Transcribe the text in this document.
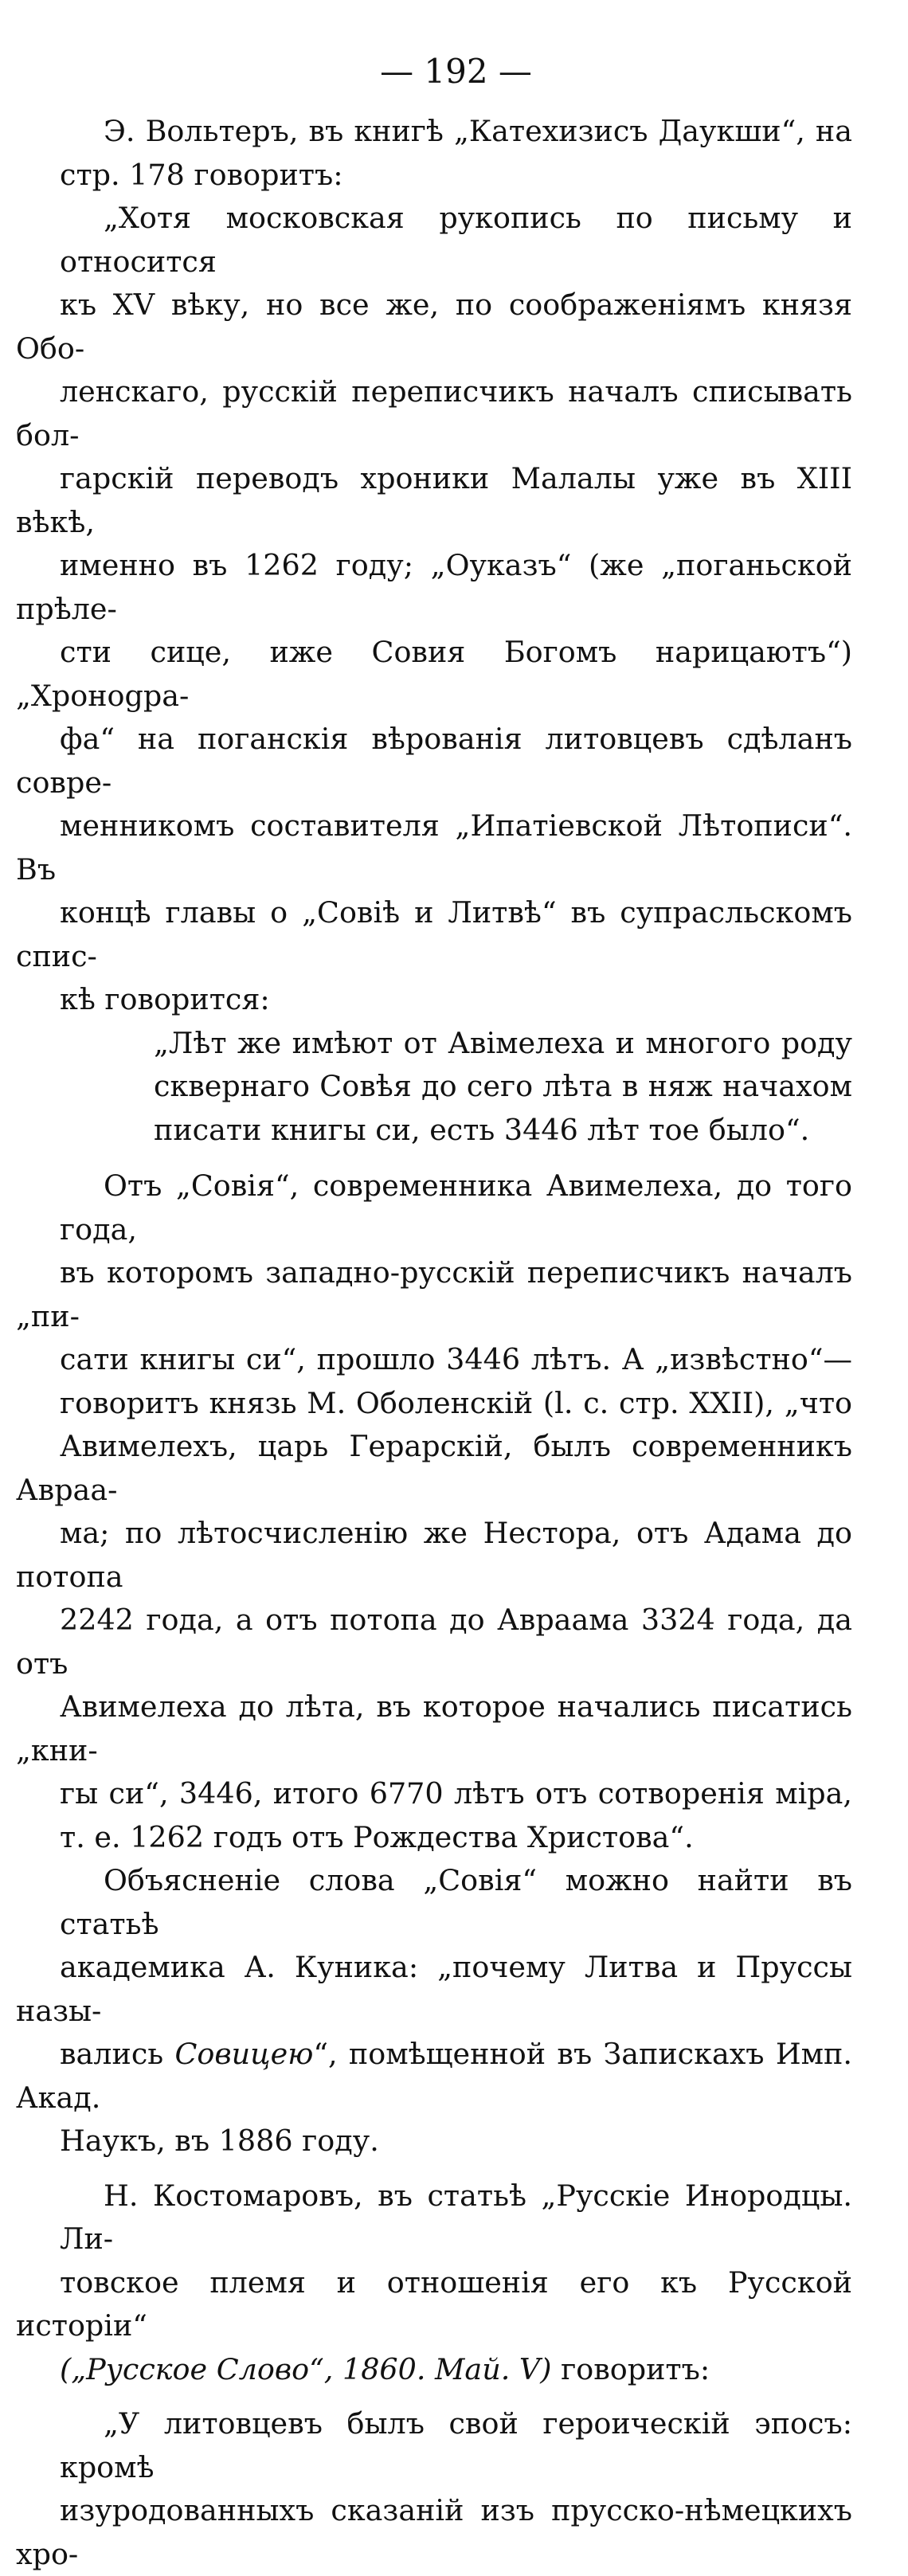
— 192 —

Э. Вольтеръ, въ книгѣ „Катехизисъ Даукши“, на
стр. 178 говоритъ:

„Хотя московская рукопись по письму и относится
къ XV вѣку, но все же, по соображеніямъ князя Обо-
ленскаго, русскій переписчикъ началъ списывать бол-
гарскій переводъ хроники Малалы уже въ XIII вѣкѣ,
именно въ 1262 году; „Оуказъ“ (же „поганьской прѣле-
сти сице, иже Совия Богомъ нарицаютъ“) „Хронogра-
фа“ на поганскія вѣрованія литовцевъ сдѣланъ совре-
менникомъ составителя „Ипатіевской Лѣтописи“. Въ
концѣ главы о „Совіѣ и Литвѣ“ въ супрасльскомъ спис-
кѣ говорится:

„Лѣт же имѣют от Авімелеха и многого роду
сквернаго Совѣя до сего лѣта в няж начахом
писати книгы си, есть 3446 лѣт тое было“.

Отъ „Совія“, современника Авимелеха, до того года,
въ которомъ западно-русскій переписчикъ началъ „пи-
сати книгы си“, прошло 3446 лѣтъ. А „извѣстно“—
говоритъ князь М. Оболенскій (l. c. стр. XXII), „что
Авимелехъ, царь Герарскій, былъ современникъ Авраа-
ма; по лѣтосчисленію же Нестора, отъ Адама до потопа
2242 года, а отъ потопа до Авраама 3324 года, да отъ
Авимелеха до лѣта, въ которое начались писатись „кни-
гы си“, 3446, итого 6770 лѣтъ отъ сотворенія міра,
т. е. 1262 годъ отъ Рождества Христова“.

Объясненіе слова „Совія“ можно найти въ статьѣ
академика А. Куника: „почему Литва и Пруссы назы-
вались Совицею“, помѣщенной въ Запискахъ Имп. Акад.
Наукъ, въ 1886 году.

Н. Костомаровъ, въ статьѣ „Русскіе Инородцы. Ли-
товское племя и отношенія его къ Русской исторіи“
(„Русское Слово“, 1860. Май. V) говоритъ:

„У литовцевъ былъ свой героическій эпосъ: кромѣ
изуродованныхъ сказаній изъ прусско-нѣмецкихъ хро-
